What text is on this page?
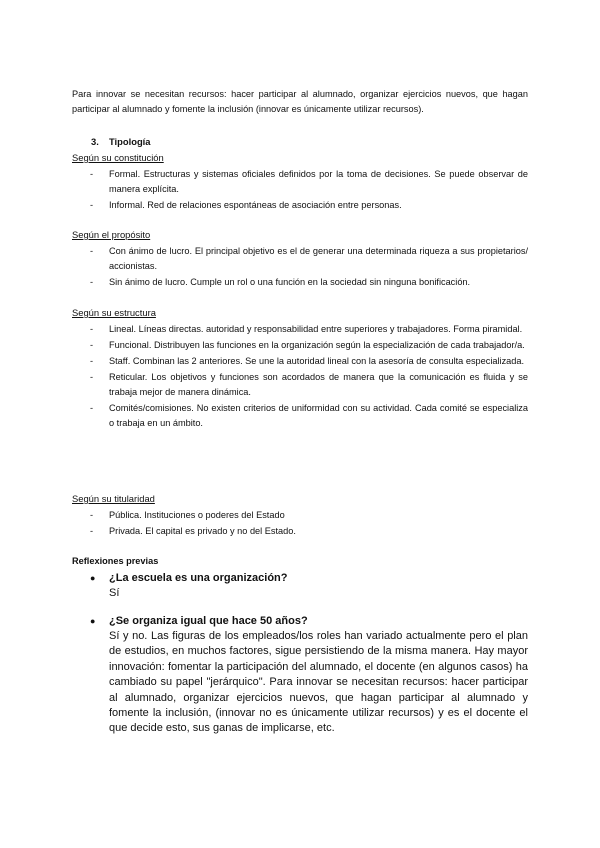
Para innovar se necesitan recursos: hacer participar al alumnado, organizar ejercicios nuevos, que hagan participar al alumnado y fomente la inclusión (innovar es únicamente utilizar recursos).

3. Tipología
Según su constitución
- Formal. Estructuras y sistemas oficiales definidos por la toma de decisiones. Se puede observar de manera explícita.
- Informal. Red de relaciones espontáneas de asociación entre personas.
Según el propósito
- Con ánimo de lucro. El principal objetivo es el de generar una determinada riqueza a sus propietarios/ accionistas.
- Sin ánimo de lucro. Cumple un rol o una función en la sociedad sin ninguna bonificación.
Según su estructura
- Lineal. Líneas directas. autoridad y responsabilidad entre superiores y trabajadores. Forma piramidal.
- Funcional. Distribuyen las funciones en la organización según la especialización de cada trabajador/a.
- Staff. Combinan las 2 anteriores. Se une la autoridad lineal con la asesoría de consulta especializada.
- Reticular. Los objetivos y funciones son acordados de manera que la comunicación es fluida y se trabaja mejor de manera dinámica.
- Comités/comisiones. No existen criterios de uniformidad con su actividad. Cada comité se especializa o trabaja en un ámbito.
Según su titularidad
- Pública. Instituciones o poderes del Estado
- Privada. El capital es privado y no del Estado.
Reflexiones previas
● ¿La escuela es una organización?
Sí
● ¿Se organiza igual que hace 50 años?
Sí y no. Las figuras de los empleados/los roles han variado actualmente pero el plan de estudios, en muchos factores, sigue persistiendo de la misma manera. Hay mayor innovación: fomentar la participación del alumnado, el docente (en algunos casos) ha cambiado su papel "jerárquico". Para innovar se necesitan recursos: hacer participar al alumnado, organizar ejercicios nuevos, que hagan participar al alumnado y fomente la inclusión, (innovar no es únicamente utilizar recursos) y es el docente el que decide esto, sus ganas de implicarse, etc.
